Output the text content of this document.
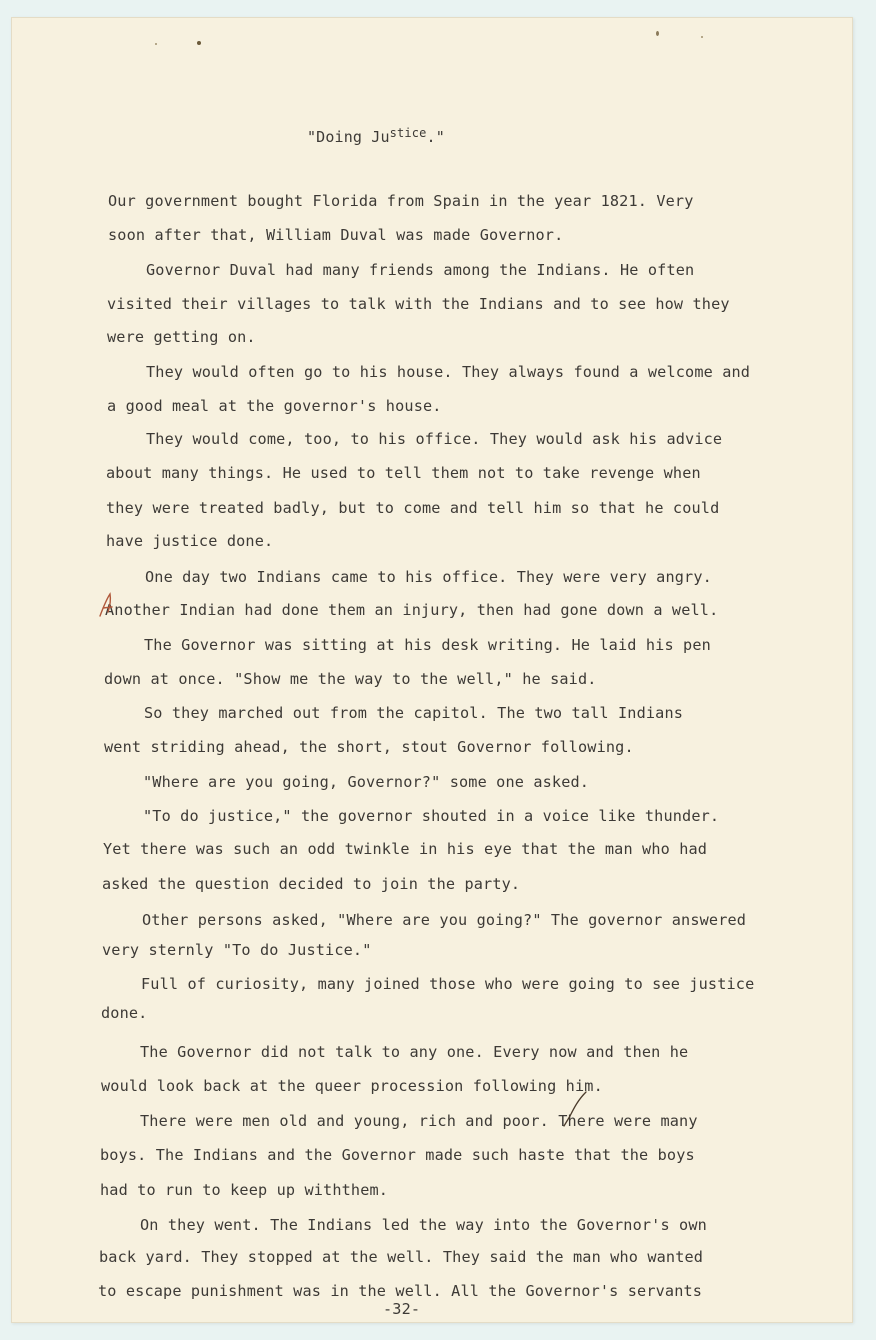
"Doing $Ju^{stice}$."
Our government bought Florida from Spain in the year 1821. Very
soon after that, William Duval was made Governor.
Governor Duval had many friends among the Indians. He often
visited their villages to talk with the Indians and to see how they
were getting on.
They would often go to his house. They always found a welcome and
a good meal at the governor's house.
They would come, too, to his office. They would ask his advice
about many things. He used to tell them not to take revenge when
they were treated badly, but to come and tell him so that he could
have justice done.
One day two Indians came to his office. They were very angry.
Another Indian had done them an injury, then had gone down a well.
The Governor was sitting at his desk writing. He laid his pen
down at once. "Show me the way to the well," he said.
So they marched out from the capitol. The two tall Indians
went striding ahead, the short, stout Governor following.
"Where are you going, Governor?" some one asked.
"To do justice," the governor shouted in a voice like thunder.
Yet there was such an odd twinkle in his eye that the man who had
asked the question decided to join the party.
Other persons asked, "Where are you going?" The governor answered
very sternly "To do Justice."
Full of curiosity, many joined those who were going to see justice
done.
The Governor did not talk to any one. Every now and then he
would look back at the queer procession following him.
There were men old and young, rich and poor. There were many
boys. The Indians and the Governor made such haste that the boys
had to run to keep up withthem.
On they went. The Indians led the way into the Governor's own
back yard. They stopped at the well. They said the man who wanted
to escape punishment was in the well. All the Governor's servants
-32-
